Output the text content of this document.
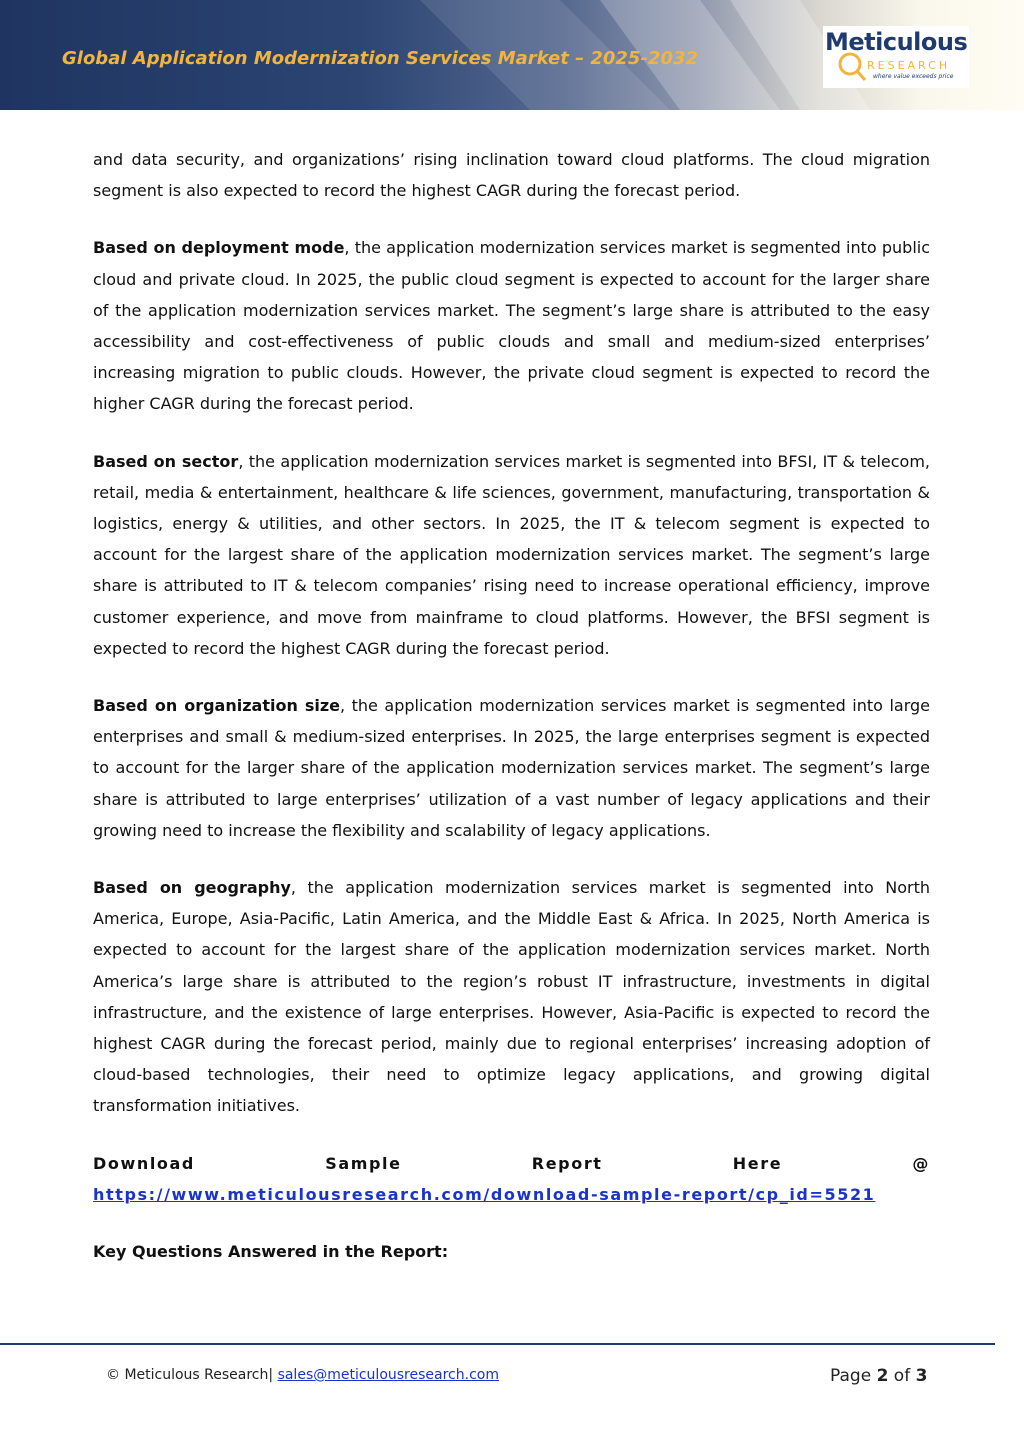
Global Application Modernization Services Market – 2025-2032
Meticulous
RESEARCH
where value exceeds price

and data security, and organizations’ rising inclination toward cloud platforms. The cloud migration segment is also expected to record the highest CAGR during the forecast period.

Based on deployment mode, the application modernization services market is segmented into public cloud and private cloud. In 2025, the public cloud segment is expected to account for the larger share of the application modernization services market. The segment’s large share is attributed to the easy accessibility and cost-effectiveness of public clouds and small and medium-sized enterprises’ increasing migration to public clouds. However, the private cloud segment is expected to record the higher CAGR during the forecast period.

Based on sector, the application modernization services market is segmented into BFSI, IT & telecom, retail, media & entertainment, healthcare & life sciences, government, manufacturing, transportation & logistics, energy & utilities, and other sectors. In 2025, the IT & telecom segment is expected to account for the largest share of the application modernization services market. The segment’s large share is attributed to IT & telecom companies’ rising need to increase operational efficiency, improve customer experience, and move from mainframe to cloud platforms. However, the BFSI segment is expected to record the highest CAGR during the forecast period.

Based on organization size, the application modernization services market is segmented into large enterprises and small & medium-sized enterprises. In 2025, the large enterprises segment is expected to account for the larger share of the application modernization services market. The segment’s large share is attributed to large enterprises’ utilization of a vast number of legacy applications and their growing need to increase the flexibility and scalability of legacy applications.

Based on geography, the application modernization services market is segmented into North America, Europe, Asia-Pacific, Latin America, and the Middle East & Africa. In 2025, North America is expected to account for the largest share of the application modernization services market. North America’s large share is attributed to the region’s robust IT infrastructure, investments in digital infrastructure, and the existence of large enterprises. However, Asia-Pacific is expected to record the highest CAGR during the forecast period, mainly due to regional enterprises’ increasing adoption of cloud-based technologies, their need to optimize legacy applications, and growing digital transformation initiatives.

Download Sample Report Here @ https://www.meticulousresearch.com/download-sample-report/cp_id=5521

Key Questions Answered in the Report:

© Meticulous Research| sales@meticulousresearch.com	Page 2 of 3
